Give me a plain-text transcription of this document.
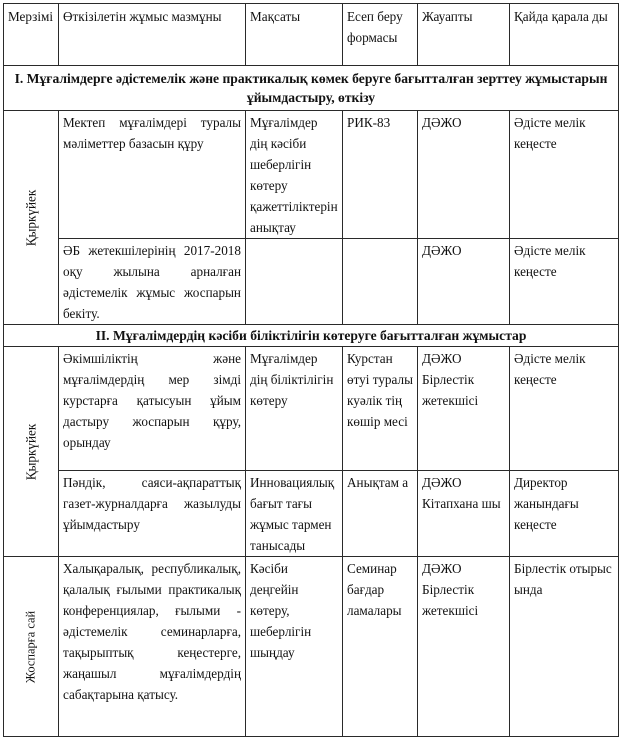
Мерзімі	Өткізілетін жұмыс мазмұны	Мақсаты	Есеп беру формасы	Жауапты	Қайда қарала ды
I. Мұғалімдерге әдістемелік және практикалық көмек беруге бағытталған зерттеу жұмыстарын ұйымдастыру, өткізу					

Қыркүйек	Мектеп мұғалімдері туралы мәліметтер базасын құру	Мұғалімдер дің кәсіби шеберлігін көтеру қажеттіліктерін анықтау	РИК-83	ДӘЖО	Әдісте мелік кеңесте
	ӘБ жетекшілерінің 2017-2018 оқу жылына арналған әдістемелік жұмыс жоспарын бекіту.			ДӘЖО	Әдісте мелік кеңесте
II. Мұғалімдердің кәсіби біліктілігін көтеруге бағытталған жұмыстар					

Қыркүйек	Әкімшіліктің және мұғалімдердің мер зімді курстарға қатысуын ұйым дастыру жоспарын құру, орындау	Мұғалімдер дің біліктілігін көтеру	Курстан өтуі туралы куәлік тің көшір месі	ДӘЖО Бірлестік жетекшісі	Әдісте мелік кеңесте
	Пәндік, саяси-ақпараттық газет-журналдарға жазылуды ұйымдастыру	Инновациялық бағыт тағы жұмыс тармен танысады	Анықтам а	ДӘЖО Кітапхана шы	Директор жанындағы кеңесте

Жоспарға сай	Халықаралық, республикалық, қалалық ғылыми практикалық конференциялар, ғылыми - әдістемелік семинарларға, тақырыптық кеңестерге, жаңашыл мұғалімдердің сабақтарына қатысу.	Кәсіби деңгейін көтеру, шеберлігін шыңдау	Семинар бағдар ламалары	ДӘЖО Бірлестік жетекшісі	Бірлестік отырысында
